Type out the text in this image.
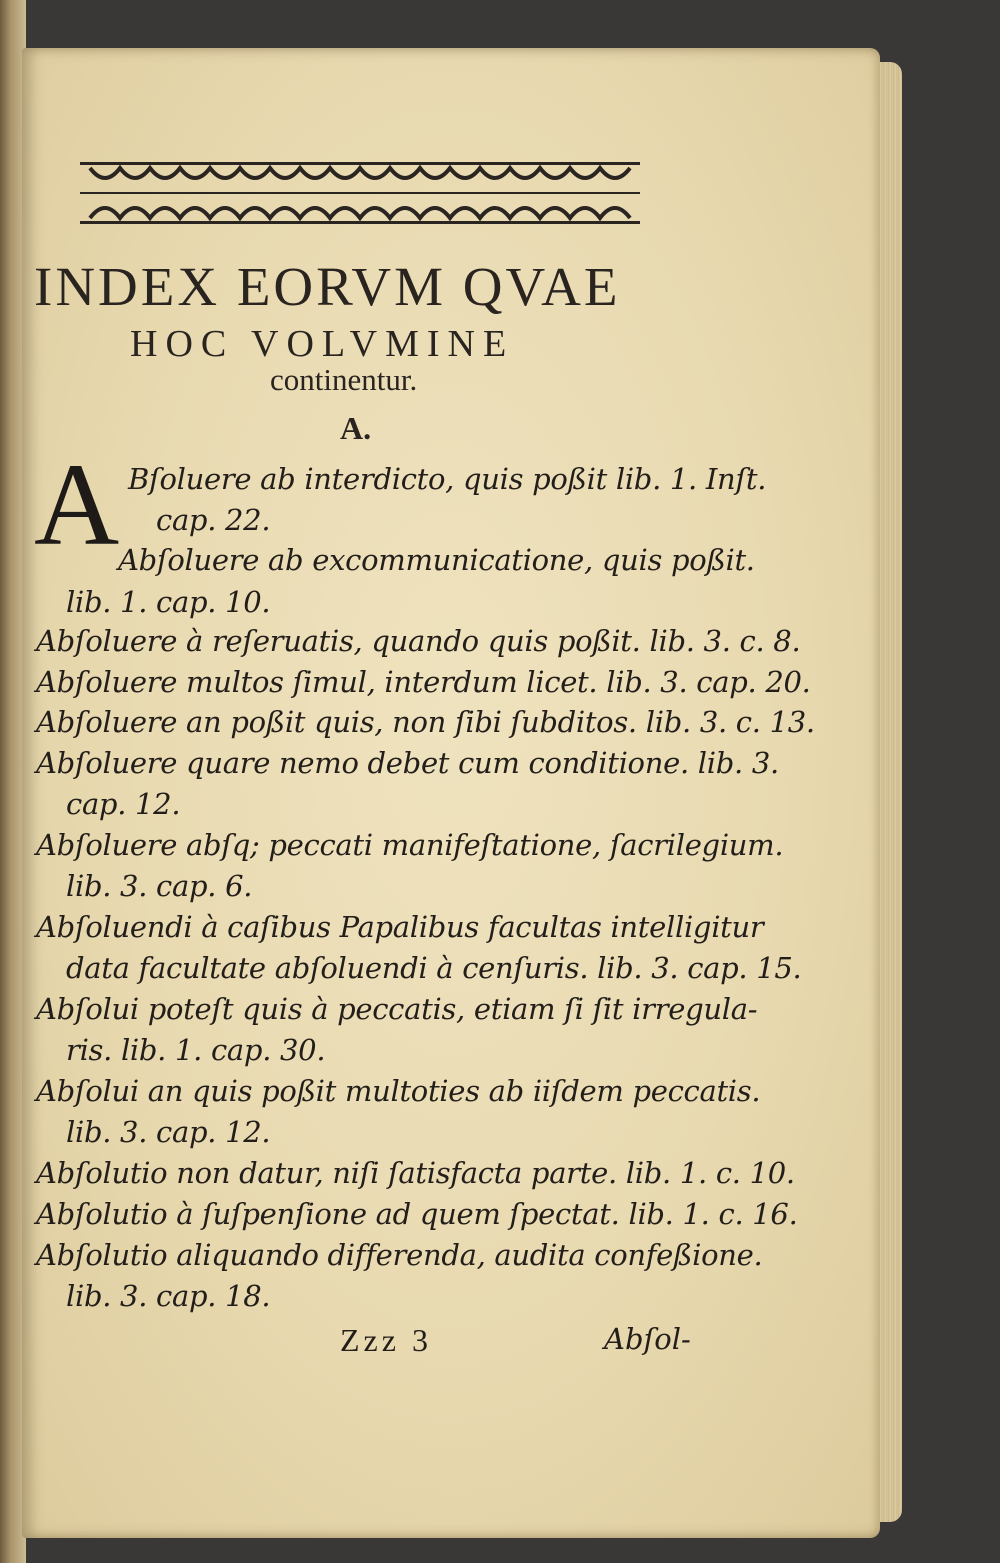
INDEX EORVM QVAE

HOC VOLVMINE

continentur.

A.

A Bſoluere ab interdicto, quis poßit lib. 1. Inſt.

cap. 22.

Abſoluere ab excommunicatione, quis poßit.

lib. 1. cap. 10.

Abſoluere à reſeruatis, quando quis poßit. lib. 3. c. 8.

Abſoluere multos ſimul, interdum licet. lib. 3. cap. 20.

Abſoluere an poßit quis, non ſibi ſubditos. lib. 3. c. 13.

Abſoluere quare nemo debet cum conditione. lib. 3.

cap. 12.

Abſoluere abſq; peccati manifeſtatione, ſacrilegium.

lib. 3. cap. 6.

Abſoluendi à caſibus Papalibus facultas intelligitur

data facultate abſoluendi à cenſuris. lib. 3. cap. 15.

Abſolui poteſt quis à peccatis, etiam ſi ſit irregula-

ris. lib. 1. cap. 30.

Abſolui an quis poßit multoties ab iiſdem peccatis.

lib. 3. cap. 12.

Abſolutio non datur, niſi ſatisfacta parte. lib. 1. c. 10.

Abſolutio à ſuſpenſione ad quem ſpectat. lib. 1. c. 16.

Abſolutio aliquando differenda, audita confeßione.

lib. 3. cap. 18.

Zzz 3	Abſol-
